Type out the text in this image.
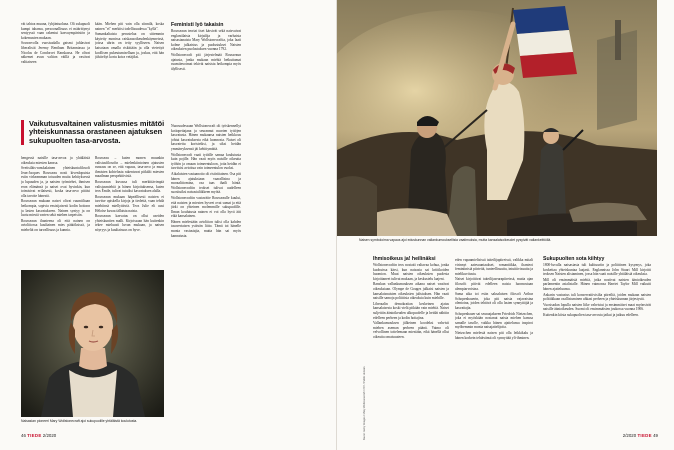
vät tahtoa muuna, fyhjäntuolana. Oli sukupuoli kumpi tahansa, persoonallisuus ei määrittynyt sentyyssä vaan rakentui kasvuympäristön ja kokemusten mukaan.

Souvarvolla vuosisadalla gatsmi juhlasivat liberalistit Jeremy Bentham Britanniassa ja Nicolas de Condorcet Ranskassa. He olivat näkemet avun valtion väillä ja vastivat valtiaiseen

kään. Miehen piti vain olla siinnilä, koska nainen "ei" merkitsi todellisuudessa "kyllä".

Samankaltaista perustelua on sittemmin käytetty monissa raiskausoikeudenkäynneissä, joissa uhrin on tetty syylliseen. Naisen katsotaan omalla riskittään ja olla vietettyä koollisen pukeutumisellaan ja, joskus, että hän jälsiteltyt kortu koira vetäjiksi.

Feministi lyö takaisin

Rousseaun teoriat tiset kärsivät sekä naisvaivat englantilaista kirjailija ja varhaista naisasianaista Mary Wollstonecraftia, joka laati kolme julkaistus ja puolustukset Naisten oikeuksien puolustuksen vuonna 1792.

Wollstonecraft piti järjestelmää Rousseaun ajatusta, jonka mukaan miehiä hetkuttamat ruumiinvoimat tekivät naisista heikompia myös älyllisesti.

Vaikutusvaltainen valistusmies mitätöi yhteiskunnassa orastaneen ajatuksen sukupuolten tasa-arvosta.

hengessä naisille tasa-arvoa ja yhtäläisiä oikeuksia miesten kanssa.

Sveitsiläis-ranskalainen yhteiskuntafilosofi Jean-Jacques Rousseau nosti kivenlopuista esiin virkeamman totuuden muita kehityksessä ja lupuuden ja, ja naisten työmiehet, ihmisen eron elämänsä ja naiset ovat hyvinkin, kun toimisivat erilaisesti, koska tasa-arvo pitäisi olla tavoite hänestä.

Rousseaun mukaan naiset olivat ruumiiltaan heikompia, sopivia ensisijaisesti kodin hoitoon ja lasten kasvatukseen. Nainen syntyy ja on luotu miestä varten sekä miehen tarpeisiin.

Rousseaun ihanteena oli että nainen on avioliitossa kuuliainen mies päätöksissä, ja mieheltä on turvallisuus ja kunnia.

Rousseau – kuten monen muunkin valistusfilosofin – mielenkiintoinen ajatusten runsaus on se, että vapaus, tasa-arvo ja muut ihmisten kohtelusta rakentuvat pitkälti miesten maailman perspektiivistä.

Rousseaun kuvassa tuli merkittävimpiä valistusmiehiä ja hänen kirjoituksensa, kuten teos Émile, tulivat tutuiksi kasvatuksen alalla.

Rousseaun mukaan häpeällisesti naisten ei tarvitse opiskella kirjoja ja tiedettä, vaan tehdä miehiinsä miellyttäviä. Teos Julie eli uusi Héloïse kuvaa tällaista naista.

Rousseaun kasvatus on ollut useiden yhteiskuntien malli. Kirjoissaan hän kuitenkin tekee mieluusti luvun mukaan, ja naisen nöyryys ja kuuliaisuus on hyve.

Nuoruudessaan Wollstonecraft oli työskennellyt kotiopettajana ja seurannut nuorten tyttöjen kasvatusta. Hänen mukaansa naisten heikkous johtui kasvatuksesta eikä luonnosta. Naiset oli kasvatettu koristeiksi, ja siksi heidän ymmärryksensä jäi kehittymättä.

Wollstonecraft vaati tytöille samaa koulutusta kuin pojille. Hän vaati myös naisille oikeutta työhön ja omaan toimeentuloon, jotta heidän ei tarvitsisi avioitua vain toimeentulon vuoksi.

Aikalaisten vastaanotto oli ristiriitainen. Osa piti hänen ajatuksiaan vaarallisina ja moraalittomina, osa taas ihaili häntä. Wollstonecraftin teokset tulivat uudelleen suosituiksi naisasialiikkeen myötä.

Wollstonecraftin vastaväite Rousseaulle kuului, että naisten ja miesten hyveet ovat samat ja että järki on yhteinen molemmille sukupuolille. Ilman koulutusta nainen ei voi olla hyvä äiti eikä kansalainen.

Hänen mielestään avioliiton tulisi olla kahden tasavertaisen ystävän liitto. Tämä toi hänelle monia vastustajia, mutta hän sai myös kannatusta.

Naisasian pioneeri Mary Wollstonecraft ajoi sukupuolille yhtäläistä koulutusta.
46 TIEDE 2/2020
Naisen symboloima vapaus ajoi eduskunnan vallankumouksellisia vaatimuksia, mutta kansalaisoikeudet pysyivät vallankeittiöllä.
Kuvat: Getty Images / Mary Wollstonecraft 1797 / Public domain
Ihmisoikeus ja! heilinäksi

Wollstonecraftin teos nostatti valtavaa kohua, jonka kuohuissa kärsi, kun naisasia sai kriitikoiden huomion. Muut naisten oikeuksien puolesta kirjoittaneet tulivat mukaan, ja keskustelu laajeni.

Ranskan vallankumouksen aikana naiset vaativat oikeuksiaan. Olympe de Gouges julkaisi naisten ja kansalaisnaisten oikeuksien julistuksen. Hän vaati naisille samoja poliittisia oikeuksia kuin miehille.

Liberaalin demokratian keskeinen ajatus kansalaisesta koski vielä pitkään vain miehiä. Naiset suljettiin äänioikeuden ulkopuolelle ja heidät nähtiin edelleen perheen ja kodin hoitajina.

Vallankumouksen jälkeinen koodeksi vahvisti miehen aseman perheen päänä. Vaimo oli velvollinen tottelemaan miestään, eikä hänellä ollut oikeutta omaisuuteen.

eden vapaamielisissä taiteilijapiireissä, valikka mitali virinnyt aatesuuntaukset, romantiikka, ihanteoi feminiinisiä piirteitä, tunteellisuutta, intuitiivisuutta ja mielikuvitusta.

Naiset kirjoittivat taiteilijaseurapiireissä, mutta ajan filosofit pitivät edelleen naisia luonnostaan alempiarvoisina.

Sama aika toi esiin saksalaisen filosofi Arthur Schopenhauerin, joka piti naisia vajavaisina olentoina, joiden tehtävä oli olla lasten synnyttäjiä ja kasvattajia.

Schopenhauer sai seuraajakseen Friedrich Nietzschen, joka ei myöskään nostanut naista miehen kanssa samalle tasolle, vaikka hänen ajattelunsa inspiroi myöhemmin monia naisajattelijoita.

Nietzschen mielestä naisen piti olla leikkikalu ja hänen korkein tehtävänsä oli synnyttää yli-ihminen.

Sukupuolten sota kiihtyy

1800-luvulla naisasiasta tuli kulttuuriin ja poliittinen kysymys, joka koskettaa yhteiskuntaa laajasti. Englannissa John Stuart Mill kirjoitti teoksen Naisten alistaminen, jossa hän vaati naisille yhtäläisiä oikeuksia.

Mill oli ensimmäisiä miehiä, jotka nostivat naisten äänioikeuden parlamentin asialistalle. Hänen vaimonsa Harriet Taylor Mill vaikutti hänen ajatteluunsa.

Ankarin vastustus tuli konservatiivisilta piireiltä, joiden mukaan naisten politiikkaan osallistuminen uhkasi perheen ja yhteiskunnan järjestystä.

Vuosisadan lopulla naisten liike vahvistui ja ensimmäiset maat myönsivät naisille äänioikeuden. Suomi oli ensimmäisten joukossa vuonna 1906.

Kuitenkin kiista sukupuolten tasa-arvosta jatkui ja jatkuu edelleen.

2/2020 TIEDE 49
